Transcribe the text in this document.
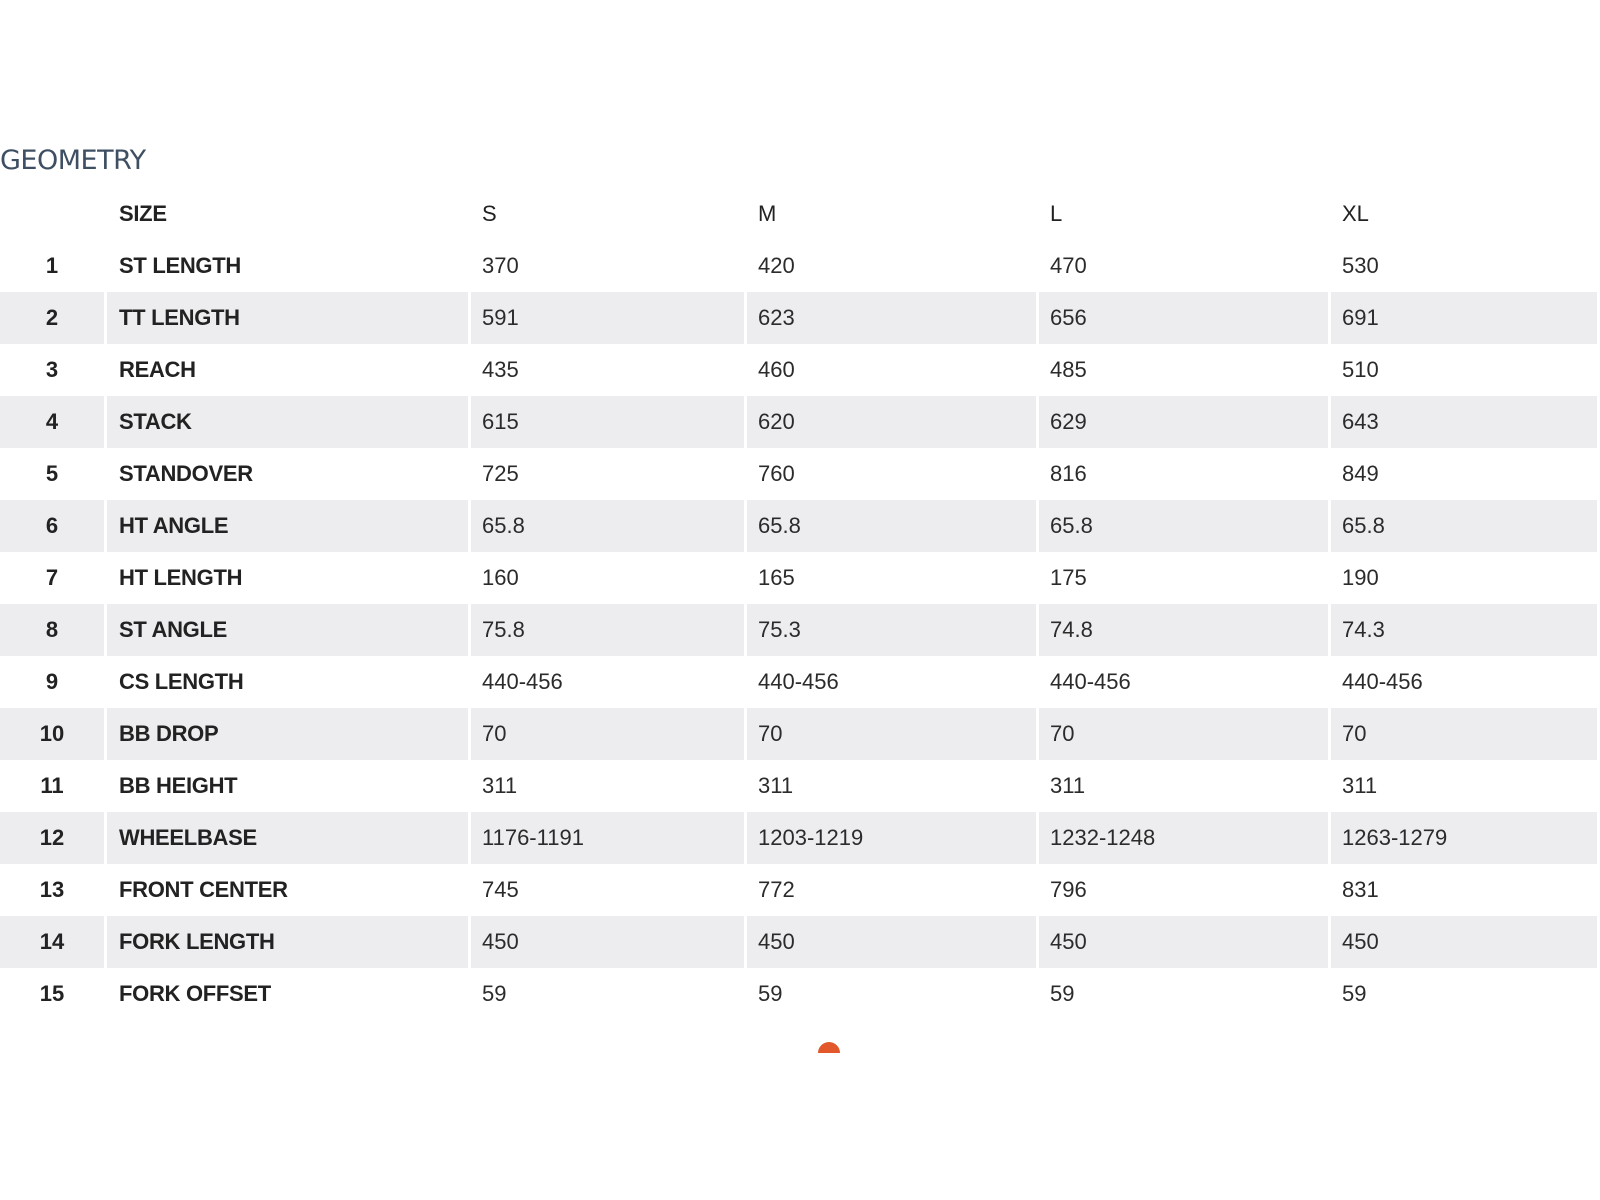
GEOMETRY
	SIZE	S	M	L	XL
1	ST LENGTH	370	420	470	530
2	TT LENGTH	591	623	656	691
3	REACH	435	460	485	510
4	STACK	615	620	629	643
5	STANDOVER	725	760	816	849
6	HT ANGLE	65.8	65.8	65.8	65.8
7	HT LENGTH	160	165	175	190
8	ST ANGLE	75.8	75.3	74.8	74.3
9	CS LENGTH	440-456	440-456	440-456	440-456
10	BB DROP	70	70	70	70
11	BB HEIGHT	311	311	311	311
12	WHEELBASE	1176-1191	1203-1219	1232-1248	1263-1279
13	FRONT CENTER	745	772	796	831
14	FORK LENGTH	450	450	450	450
15	FORK OFFSET	59	59	59	59
